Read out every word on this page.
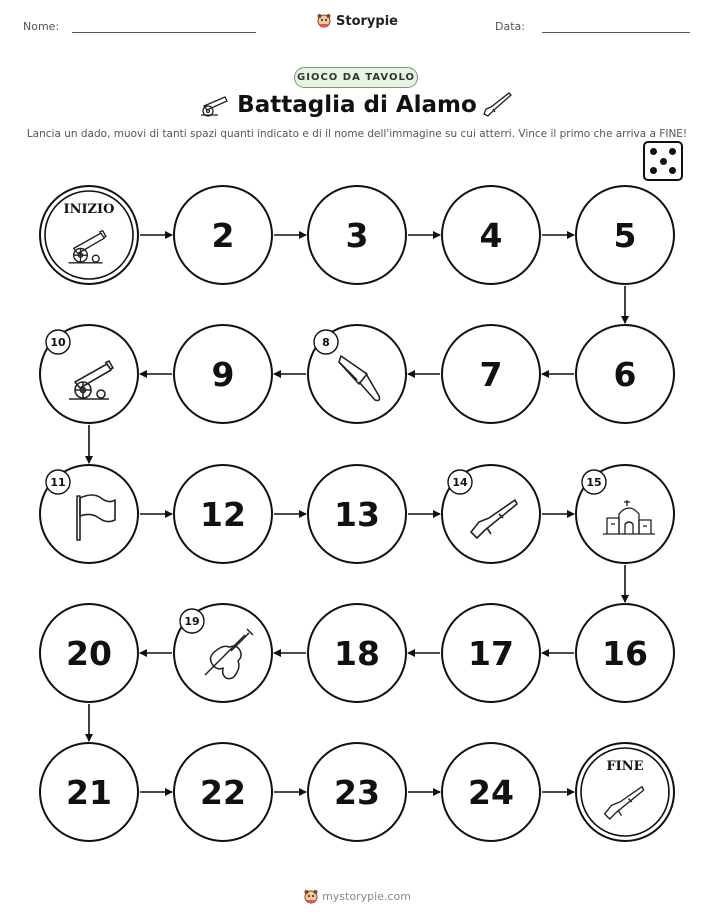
Nome:	Storypie	Data:
GIOCO DA TAVOLO
Battaglia di Alamo
Lancia un dado, muovi di tanti spazi quanti indicato e di il nome dell'immagine su cui atterri. Vince il primo che arriva a FINE!
INIZIO
2	3	4	5
6
7
8
9
10
11
12	13
14	15
16
17
18
19
20
21	22	23	24
FINE
mystorypie.com
